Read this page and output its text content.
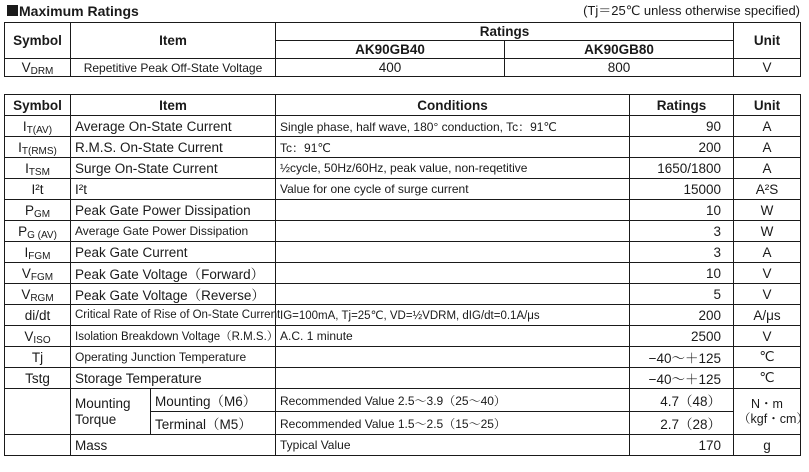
Maximum Ratings	(Tj＝25℃ unless otherwise specified)
Symbol	Item	Ratings		Unit
		AK90GB40	AK90GB80	
$V_{DRM}$	Repetitive Peak Off-State Voltage	400	800	V
Symbol	Item		Conditions	Ratings	Unit
$I_{T(AV)}$	Average On-State Current		Single phase, half wave, 180° conduction, Tc：91℃	90	A
$I_{T(RMS)}$	R.M.S. On-State Current		Tc：91℃	200	A
$I_{TSM}$	Surge On-State Current		½cycle, 50Hz/60Hz, peak value, non-reqetitive	1650/1800	A
I²t	I²t		Value for one cycle of surge current	15000	A²S
$P_{GM}$	Peak Gate Power Dissipation			10	W
$P_{G (AV)}$	Average Gate Power Dissipation			3	W
$I_{FGM}$	Peak Gate Current			3	A
$V_{FGM}$	Peak Gate Voltage（Forward）			10	V
$V_{RGM}$	Peak Gate Voltage（Reverse）			5	V
di/dt	Critical Rate of Rise of On-State Current		IG=100mA, Tj=25℃, VD=½VDRM, dIG/dt=0.1A/μs	200	A/μs
$V_{ISO}$	Isolation Breakdown Voltage（R.M.S.）		A.C. 1 minute	2500	V
Tj	Operating Junction Temperature			−40～＋125	℃
Tstg	Storage Temperature			−40～＋125	℃
	Mounting Torque	Mounting（M6）	Recommended Value 2.5～3.9（25～40）	4.7（48）	N・m
（kgf・cm）
		Terminal（M5）	Recommended Value 1.5～2.5（15～25）	2.7（28）	
	Mass		Typical Value	170	g
